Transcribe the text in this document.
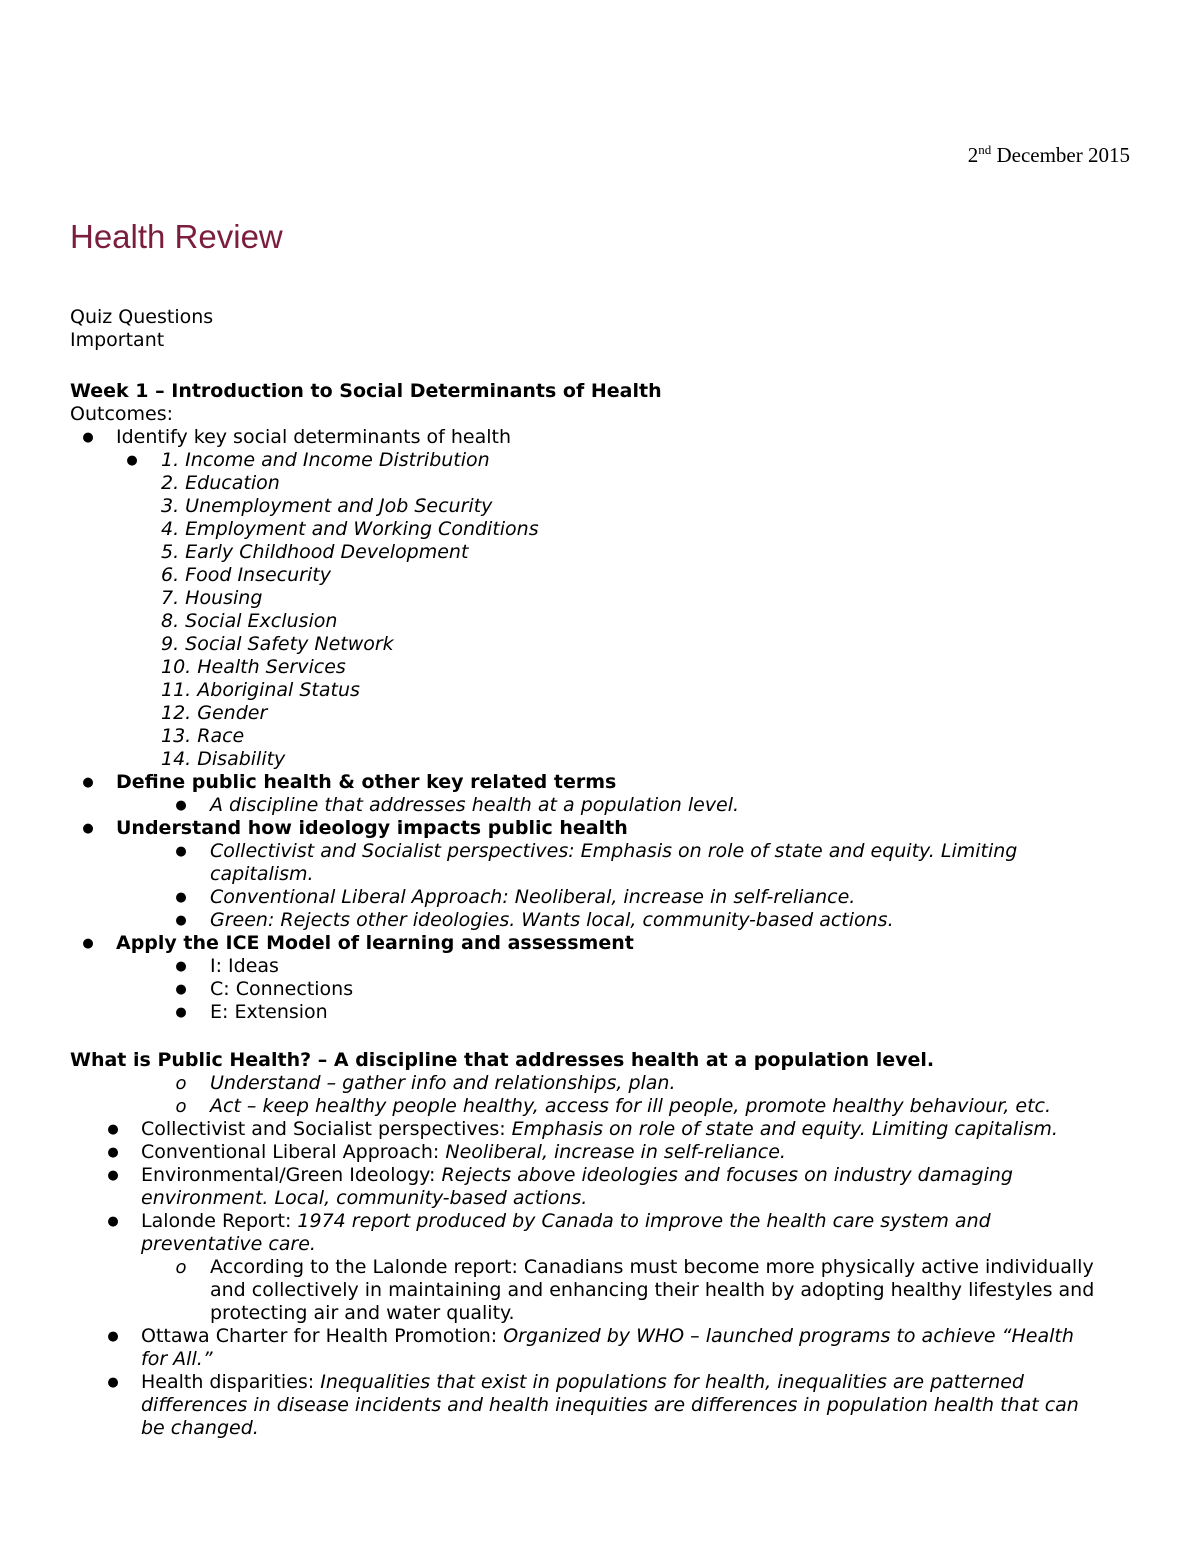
2nd December 2015
Health Review
Quiz Questions
Important
Week 1 – Introduction to Social Determinants of Health
Outcomes:
● Identify key social determinants of health
● 1. Income and Income Distribution
2. Education
3. Unemployment and Job Security
4. Employment and Working Conditions
5. Early Childhood Development
6. Food Insecurity
7. Housing
8. Social Exclusion
9. Social Safety Network
10. Health Services
11. Aboriginal Status
12. Gender
13. Race
14. Disability
● Define public health & other key related terms
● A discipline that addresses health at a population level.
● Understand how ideology impacts public health
● Collectivist and Socialist perspectives: Emphasis on role of state and equity. Limiting
capitalism.
● Conventional Liberal Approach: Neoliberal, increase in self-reliance.
● Green: Rejects other ideologies. Wants local, community-based actions.
● Apply the ICE Model of learning and assessment
● I: Ideas
● C: Connections
● E: Extension
What is Public Health? – A discipline that addresses health at a population level.
o Understand – gather info and relationships, plan.
o Act – keep healthy people healthy, access for ill people, promote healthy behaviour, etc.
● Collectivist and Socialist perspectives: Emphasis on role of state and equity. Limiting capitalism.
● Conventional Liberal Approach: Neoliberal, increase in self-reliance.
● Environmental/Green Ideology: Rejects above ideologies and focuses on industry damaging
environment. Local, community-based actions.
● Lalonde Report: 1974 report produced by Canada to improve the health care system and
preventative care.
o According to the Lalonde report: Canadians must become more physically active individually
and collectively in maintaining and enhancing their health by adopting healthy lifestyles and
protecting air and water quality.
● Ottawa Charter for Health Promotion: Organized by WHO – launched programs to achieve “Health
for All.”
● Health disparities: Inequalities that exist in populations for health, inequalities are patterned
differences in disease incidents and health inequities are differences in population health that can
be changed.
